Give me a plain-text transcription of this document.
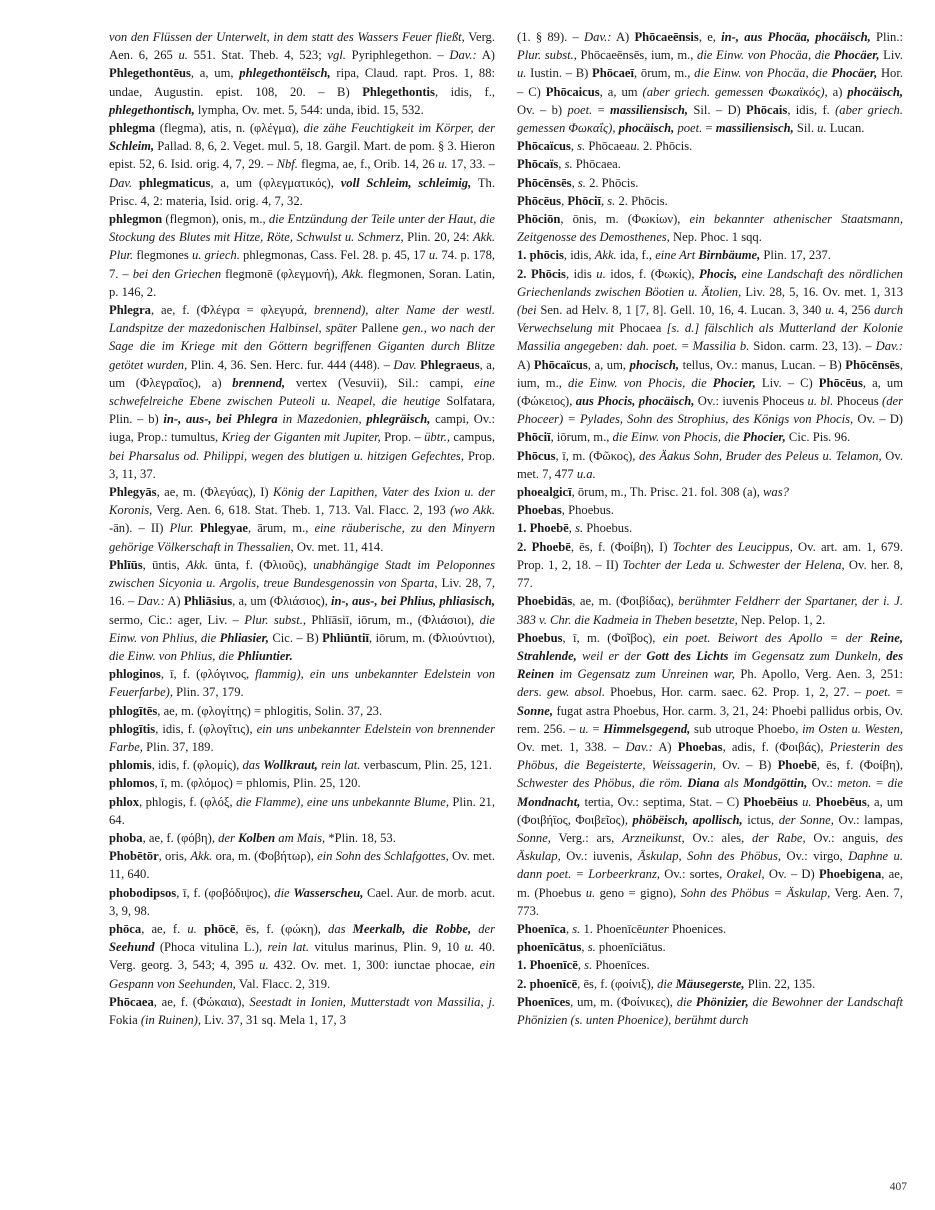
von den Flüssen der Unterwelt, in dem statt des Wassers Feuer fließt, Verg. Aen. 6, 265 u. 551. Stat. Theb. 4, 523; vgl. Pyriphlegethon. – Dav.: A) Phlegethontēus, a, um, phlegethontëisch, ripa, Claud. rapt. Pros. 1, 88: undae, Augustin. epist. 108, 20. – B) Phlegethontis, idis, f., phlegethontisch, lympha, Ov. met. 5, 544: unda, ibid. 15, 532.

phlegma (flegma), atis, n. (φλέγμα), die zähe Feuchtigkeit im Körper, der Schleim, Pallad. 8, 6, 2. Veget. mul. 5, 18. Gargil. Mart. de pom. § 3. Hieron epist. 52, 6. Isid. orig. 4, 7, 29. – Nbf. flegma, ae, f., Orib. 14, 26 u. 17, 33. – Dav. phlegmaticus, a, um (φλεγματικός), voll Schleim, schleimig, Th. Prisc. 4, 2: materia, Isid. orig. 4, 7, 32.

phlegmon (flegmon), onis, m., die Entzündung der Teile unter der Haut, die Stockung des Blutes mit Hitze, Röte, Schwulst u. Schmerz, Plin. 20, 24: Akk. Plur. flegmones u. griech. phlegmonas, Cass. Fel. 28. p. 45, 17 u. 74. p. 178, 7. – bei den Griechen flegmonē (φλεγμονή), Akk. flegmonen, Soran. Latin, p. 146, 2.

Phlegra, ae, f. (Φλέγρα = φλεγυρά, brennend), alter Name der westl. Landspitze der mazedonischen Halbinsel, später Pallene gen., wo nach der Sage die im Kriege mit den Göttern begriffenen Giganten durch Blitze getötet wurden, Plin. 4, 36. Sen. Herc. fur. 444 (448). – Dav. Phlegraeus, a, um (Φλεγραῖος), a) brennend, vertex (Vesuvii), Sil.: campi, eine schwefelreiche Ebene zwischen Puteoli u. Neapel, die heutige Solfatara, Plin. – b) in-, aus-, bei Phlegra in Mazedonien, phlegräisch, campi, Ov.: iuga, Prop.: tumultus, Krieg der Giganten mit Jupiter, Prop. – übtr., campus, bei Pharsalus od. Philippi, wegen des blutigen u. hitzigen Gefechtes, Prop. 3, 11, 37.

Phlegyās, ae, m. (Φλεγύας), I) König der Lapithen, Vater des Ixion u. der Koronis, Verg. Aen. 6, 618. Stat. Theb. 1, 713. Val. Flacc. 2, 193 (wo Akk. -ān). – II) Plur. Phlegyae, ārum, m., eine räuberische, zu den Minyern gehörige Völkerschaft in Thessalien, Ov. met. 11, 414.

Phlīūs, ūntis, Akk. ūnta, f. (Φλιοῦς), unabhängige Stadt im Peloponnes zwischen Sicyonia u. Argolis, treue Bundesgenossin von Sparta, Liv. 28, 7, 16. – Dav.: A) Phliāsius, a, um (Φλιάσιος), in-, aus-, bei Phlius, phliasisch, sermo, Cic.: ager, Liv. – Plur. subst., Phlīāsiī, iōrum, m., (Φλιάσιοι), die Einw. von Phlius, die Phliasier, Cic. – B) Phliūntiī, iōrum, m. (Φλιούντιοι), die Einw. von Phlius, die Phliuntier.

phloginos, ī, f. (φλόγινος, flammig), ein uns unbekannter Edelstein von Feuerfarbe), Plin. 37, 179.

phlogītēs, ae, m. (φλογίτης) = phlogitis, Solin. 37, 23.

phlogītis, idis, f. (φλογῖτις), ein uns unbekannter Edelstein von brennender Farbe, Plin. 37, 189.

phlomis, idis, f. (φλομίς), das Wollkraut, rein lat. verbascum, Plin. 25, 121.

phlomos, ī, m. (φλόμος) = phlomis, Plin. 25, 120.

phlox, phlogis, f. (φλόξ, die Flamme), eine uns unbekannte Blume, Plin. 21, 64.

phoba, ae, f. (φόβη), der Kolben am Mais, *Plin. 18, 53.

Phobētōr, oris, Akk. ora, m. (Φοβήτωρ), ein Sohn des Schlafgottes, Ov. met. 11, 640.

phobodipsos, ī, f. (φοβόδιψος), die Wasserscheu, Cael. Aur. de morb. acut. 3, 9, 98.

phōca, ae, f. u. phōcē, ēs, f. (φώκη), das Meerkalb, die Robbe, der Seehund (Phoca vitulina L.), rein lat. vitulus marinus, Plin. 9, 10 u. 40. Verg. georg. 3, 543; 4, 395 u. 432. Ov. met. 1, 300: iunctae phocae, ein Gespann von Seehunden, Val. Flacc. 2, 319.

Phōcaea, ae, f. (Φώκαια), Seestadt in Ionien, Mutterstadt von Massilia, j. Fokia (in Ruinen), Liv. 37, 31 sq. Mela 1, 17, 3

(1. § 89). – Dav.: A) Phōcaeēnsis, e, in-, aus Phocäa, phocäisch, Plin.: Plur. subst., Phōcaeēnsēs, ium, m., die Einw. von Phocäa, die Phocäer, Liv. u. Iustin. – B) Phōcaeī, ōrum, m., die Einw. von Phocäa, die Phocäer, Hor. – C) Phōcaicus, a, um (aber griech. gemessen Φωκαϊκός), a) phocäisch, Ov. – b) poet. = massiliensisch, Sil. – D) Phōcais, idis, f. (aber griech. gemessen Φωκαΐς), phocäisch, poet. = massiliensisch, Sil. u. Lucan.

Phōcaïcus, s. Phōcaeau. 2. Phōcis.

Phōcaïs, s. Phōcaea.

Phōcēnsēs, s. 2. Phōcis.

Phōcēus, Phōciī, s. 2. Phōcis.

Phōciōn, ōnis, m. (Φωκίων), ein bekannter athenischer Staatsmann, Zeitgenosse des Demosthenes, Nep. Phoc. 1 sqq.

1. phōcis, idis, Akk. ida, f., eine Art Birnbäume, Plin. 17, 237.

2. Phōcis, idis u. idos, f. (Φωκίς), Phocis, eine Landschaft des nördlichen Griechenlands zwischen Böotien u. Ätolien, Liv. 28, 5, 16. Ov. met. 1, 313 (bei Sen. ad Helv. 8, 1 [7, 8]. Gell. 10, 16, 4. Lucan. 3, 340 u. 4, 256 durch Verwechselung mit Phocaea [s. d.] fälschlich als Mutterland der Kolonie Massilia angegeben: dah. poet. = Massilia b. Sidon. carm. 23, 13). – Dav.: A) Phōcaïcus, a, um, phocisch, tellus, Ov.: manus, Lucan. – B) Phōcēnsēs, ium, m., die Einw. von Phocis, die Phocier, Liv. – C) Phōcēus, a, um (Φώκειος), aus Phocis, phocäisch, Ov.: iuvenis Phoceus u. bl. Phoceus (der Phoceer) = Pylades, Sohn des Strophius, des Königs von Phocis, Ov. – D) Phōciī, iōrum, m., die Einw. von Phocis, die Phocier, Cic. Pis. 96.

Phōcus, ī, m. (Φῶκος), des Äakus Sohn, Bruder des Peleus u. Telamon, Ov. met. 7, 477 u.a.

phoealgicī, ōrum, m., Th. Prisc. 21. fol. 308 (a), was?

Phoebas, Phoebus.

1. Phoebē, s. Phoebus.

2. Phoebē, ēs, f. (Φοίβη), I) Tochter des Leucippus, Ov. art. am. 1, 679. Prop. 1, 2, 18. – II) Tochter der Leda u. Schwester der Helena, Ov. her. 8, 77.

Phoebidās, ae, m. (Φοιβίδας), berühmter Feldherr der Spartaner, der i. J. 383 v. Chr. die Kadmeia in Theben besetzte, Nep. Pelop. 1, 2.

Phoebus, ī, m. (Φοῖβος), ein poet. Beiwort des Apollo = der Reine, Strahlende, weil er der Gott des Lichts im Gegensatz zum Dunkeln, des Reinen im Gegensatz zum Unreinen war, Ph. Apollo, Verg. Aen. 3, 251: ders. gew. absol. Phoebus, Hor. carm. saec. 62. Prop. 1, 2, 27. – poet. = Sonne, fugat astra Phoebus, Hor. carm. 3, 21, 24: Phoebi pallidus orbis, Ov. rem. 256. – u. = Himmelsgegend, sub utroque Phoebo, im Osten u. Westen, Ov. met. 1, 338. – Dav.: A) Phoebas, adis, f. (Φοιβάς), Priesterin des Phöbus, die Begeisterte, Weissagerin, Ov. – B) Phoebē, ēs, f. (Φοίβη), Schwester des Phöbus, die röm. Diana als Mondgöttin, Ov.: meton. = die Mondnacht, tertia, Ov.: septima, Stat. – C) Phoebēius u. Phoebēus, a, um (Φοιβήϊος, Φοιβεῖος), phöbëisch, apollisch, ictus, der Sonne, Ov.: lampas, Sonne, Verg.: ars, Arzneikunst, Ov.: ales, der Rabe, Ov.: anguis, des Äskulap, Ov.: iuvenis, Äskulap, Sohn des Phöbus, Ov.: virgo, Daphne u. dann poet. = Lorbeerkranz, Ov.: sortes, Orakel, Ov. – D) Phoebigena, ae, m. (Phoebus u. geno = gigno), Sohn des Phöbus = Äskulap, Verg. Aen. 7, 773.

Phoenīca, s. 1. Phoenīcēunter Phoenices.

phoenīcātus, s. phoenīciātus.

1. Phoenīcē, s. Phoenīces.

2. phoenīcē, ēs, f. (φοίνιξ), die Mäusegerste, Plin. 22, 135.

Phoenīces, um, m. (Φοίνικες), die Phönizier, die Bewohner der Landschaft Phönizien (s. unten Phoenice), berühmt durch

407
